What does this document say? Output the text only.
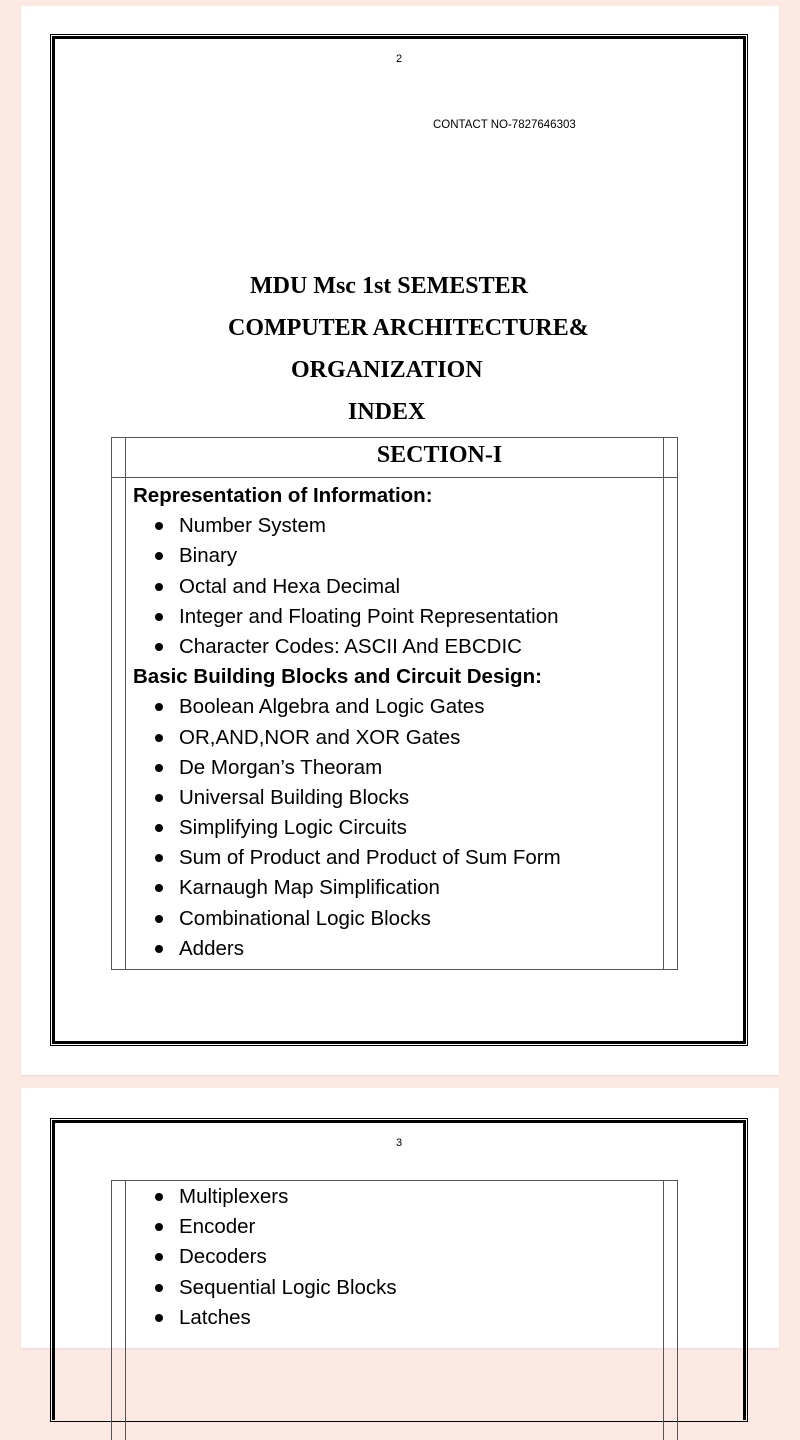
2
CONTACT NO-7827646303
MDU Msc 1st SEMESTER
COMPUTER ARCHITECTURE&
ORGANIZATION
INDEX
SECTION-I
Representation of Information:
Number System
Binary
Octal and Hexa Decimal
Integer and Floating Point Representation
Character Codes: ASCII And EBCDIC
Basic Building Blocks and Circuit Design:
Boolean Algebra and Logic Gates
OR,AND,NOR and XOR Gates
De Morgan’s Theoram
Universal Building Blocks
Simplifying Logic Circuits
Sum of Product and Product of Sum Form
Karnaugh Map Simplification
Combinational Logic Blocks
Adders
3
Multiplexers
Encoder
Decoders
Sequential Logic Blocks
Latches
